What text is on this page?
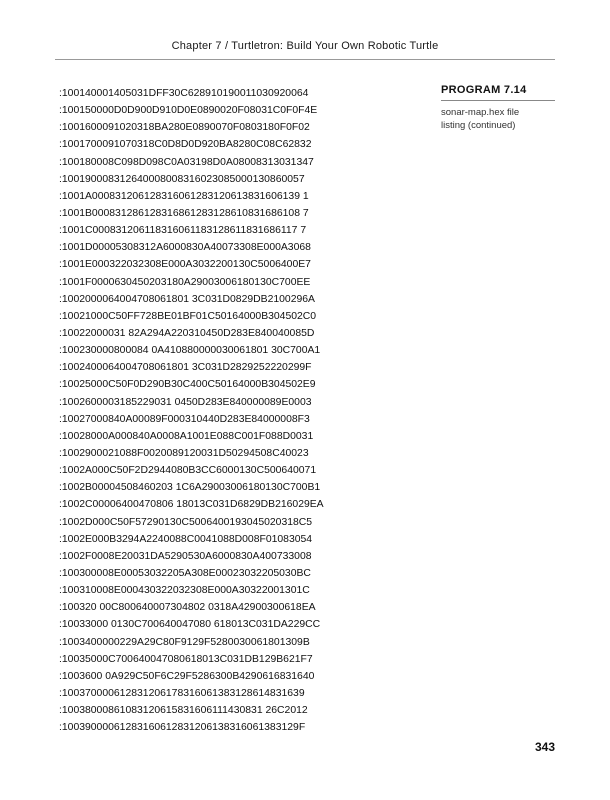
Chapter 7 / Turtletron: Build Your Own Robotic Turtle
:100140001405031DFF30C628910190011030920064
:100150000D0D900D910D0E0890020F08031C0F0F4E
:1001600091020318BA280E0890070F0803180F0F02
:1001700091070318C0D8D0D920BA8280C08C62832
:100180008C098D098C0A03198D0A08008313031347
:100190008312640008008316023085000130860057
:1001A000831206128316061283120613831606139 1
:1001B000831286128316861283128610831686108 7
:1001C000831206118316061183128611831686117 7
:1001D00005308312A6000830A40073308E000A3068
:1001E000322032308E000A3032200130C5006400E7
:1001F0000630450203180A29003006180130C700EE
:1002000064004708061801 3C031D0829DB2100296A
:10021000C50FF728BE01BF01C50164000B304502C0
:10022000031 82A294A220310450D283E840040085D
:100230000800084 0A410880000030061801 30C700A1
:1002400064004708061801 3C031D2829252220299F
:10025000C50F0D290B30C400C50164000B304502E9
:1002600003185229031 0450D283E840000089E0003
:10027000840A00089F000310440D283E84000008F3
:10028000A000840A0008A1001E088C001F088D0031
:1002900021088F0020089120031D50294508C40023
:1002A000C50F2D2944080B3CC6000130C500640071
:1002B00004508460203 1C6A29003006180130C700B1
:1002C00006400470806 18013C031D6829DB216029EA
:1002D000C50F57290130C5006400193045020318C5
:1002E000B3294A2240088C0041088D008F01083054
:1002F0008E20031DA5290530A6000830A400733008
:100300008E00053032205A308E00023032205030BC
:100310008E000430322032308E000A30322001301C
:100320 00C800640007304802 0318A42900300618EA
:10033000 0130C700640047080 618013C031DA229CC
:1003400000229A29C80F9129F5280030061801309B
:10035000C700640047080618013C031DB129B621F7
:1003600 0A929C50F6C29F5286300B4290616831640
:100370000612831206178316061383128614831639
:10038000861083120615831606111430831 26C2012
:10039000061283160612831206138316061383129F
PROGRAM 7.14
sonar-map.hex file
listing (continued)
343
